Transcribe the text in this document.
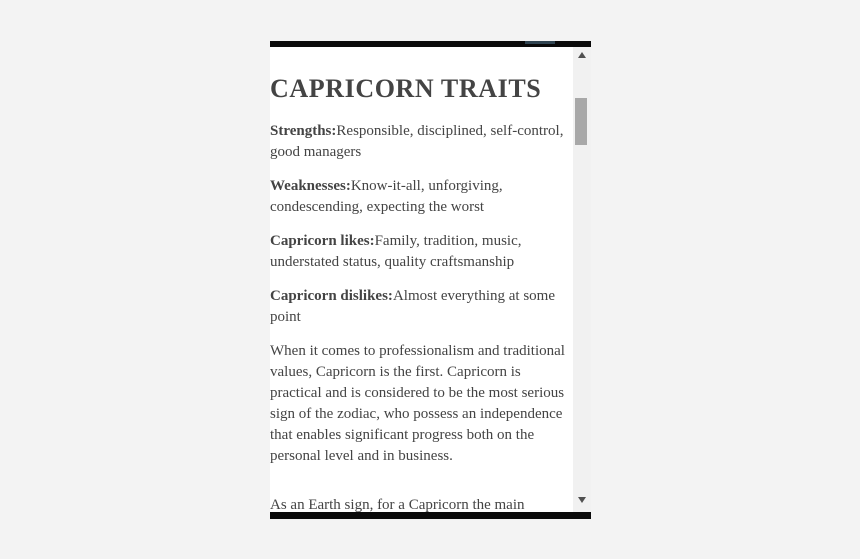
CAPRICORN TRAITS

Strengths:Responsible, disciplined, self-control, good managers

Weaknesses:Know-it-all, unforgiving, condescending, expecting the worst

Capricorn likes:Family, tradition, music, understated status, quality craftsmanship

Capricorn dislikes:Almost everything at some point

When it comes to professionalism and traditional values, Capricorn is the first. Capricorn is practical and is considered to be the most serious sign of the zodiac, who possess an independence that enables significant progress both on the personal level and in business.

As an Earth sign, for a Capricorn the main
